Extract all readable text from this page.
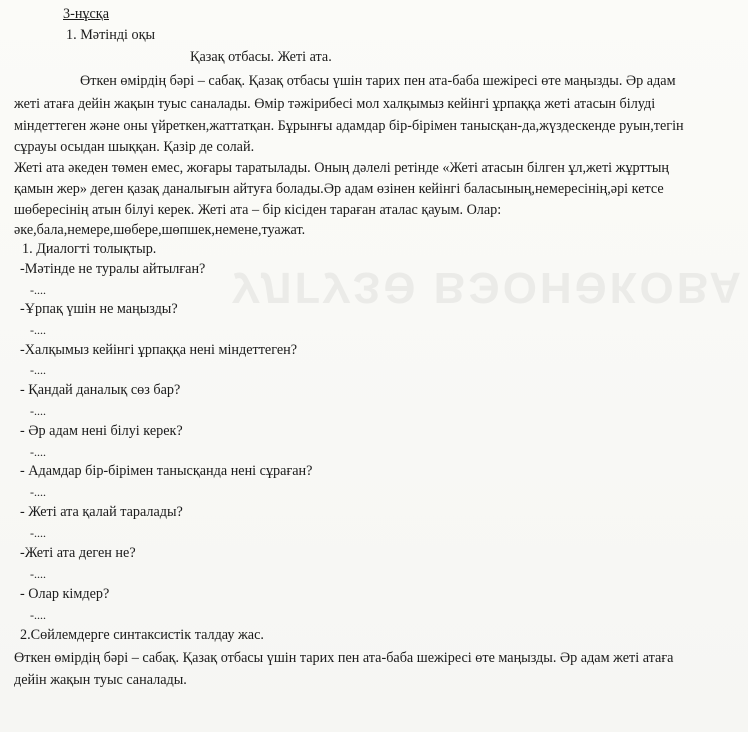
УЛГУЗӘ ВЭОНӘКОВА
3-нұсқа
1. Мәтінді оқы
Қазақ отбасы. Жеті ата.
Өткен өмірдің бәрі – сабақ. Қазақ отбасы үшін тарих пен ата-баба шежіресі өте маңызды. Әр адам
жеті атаға дейін жақын туыс саналады. Өмір тәжірибесі мол халқымыз кейінгі ұрпаққа жеті атасын білуді
міндеттеген және оны үйреткен,жаттатқан. Бұрынғы адамдар бір-бірімен танысқан-да,жүздескенде руын,тегін
сұрауы осыдан шыққан. Қазір де солай.
Жеті ата әкеден төмен емес, жоғары таратылады. Оның дәлелі ретінде «Жеті атасын білген ұл,жеті жұрттың
қамын жер» деген қазақ даналығын айтуға болады.Әр адам өзінен кейінгі баласының,немересінің,әрі кетсе
шөбересінің атын білуі керек. Жеті ата – бір кісіден тараған аталас қауым. Олар:
әке,бала,немере,шөбере,шөпшек,немене,туажат.
1. Диалогті толықтыр.
-Мәтінде не туралы айтылған?
-....
-Ұрпақ үшін не маңызды?
-....
-Халқымыз кейінгі ұрпаққа нені міндеттеген?
-....
- Қандай даналық сөз бар?
-....
- Әр адам нені білуі керек?
-....
- Адамдар бір-бірімен танысқанда нені сұраған?
-....
- Жеті ата қалай таралады?
-....
-Жеті ата деген не?
-....
- Олар кімдер?
-....
2.Сөйлемдерге синтаксистік талдау жас.
Өткен өмірдің бәрі – сабақ. Қазақ отбасы үшін тарих пен ата-баба шежіресі өте маңызды. Әр адам жеті атаға
дейін жақын туыс саналады.
